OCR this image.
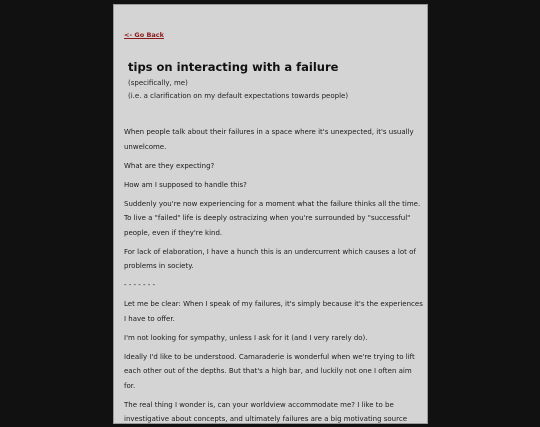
<- Go Back
tips on interacting with a failure

(specifically, me)

(i.e. a clarification on my default expectations towards people)

When people talk about their failures in a space where it's unexpected, it's usually unwelcome.

What are they expecting?

How am I supposed to handle this?

Suddenly you're now experiencing for a moment what the failure thinks all the time. To live a "failed" life is deeply ostracizing when you're surrounded by "successful" people, even if they're kind.

For lack of elaboration, I have a hunch this is an undercurrent which causes a lot of problems in society.

- - - - - - -

Let me be clear: When I speak of my failures, it's simply because it's the experiences I have to offer.

I'm not looking for sympathy, unless I ask for it (and I very rarely do).

Ideally I'd like to be understood. Camaraderie is wonderful when we're trying to lift each other out of the depths. But that's a high bar, and luckily not one I often aim for.

The real thing I wonder is, can your worldview accommodate me? I like to be investigative about concepts, and ultimately failures are a big motivating source
